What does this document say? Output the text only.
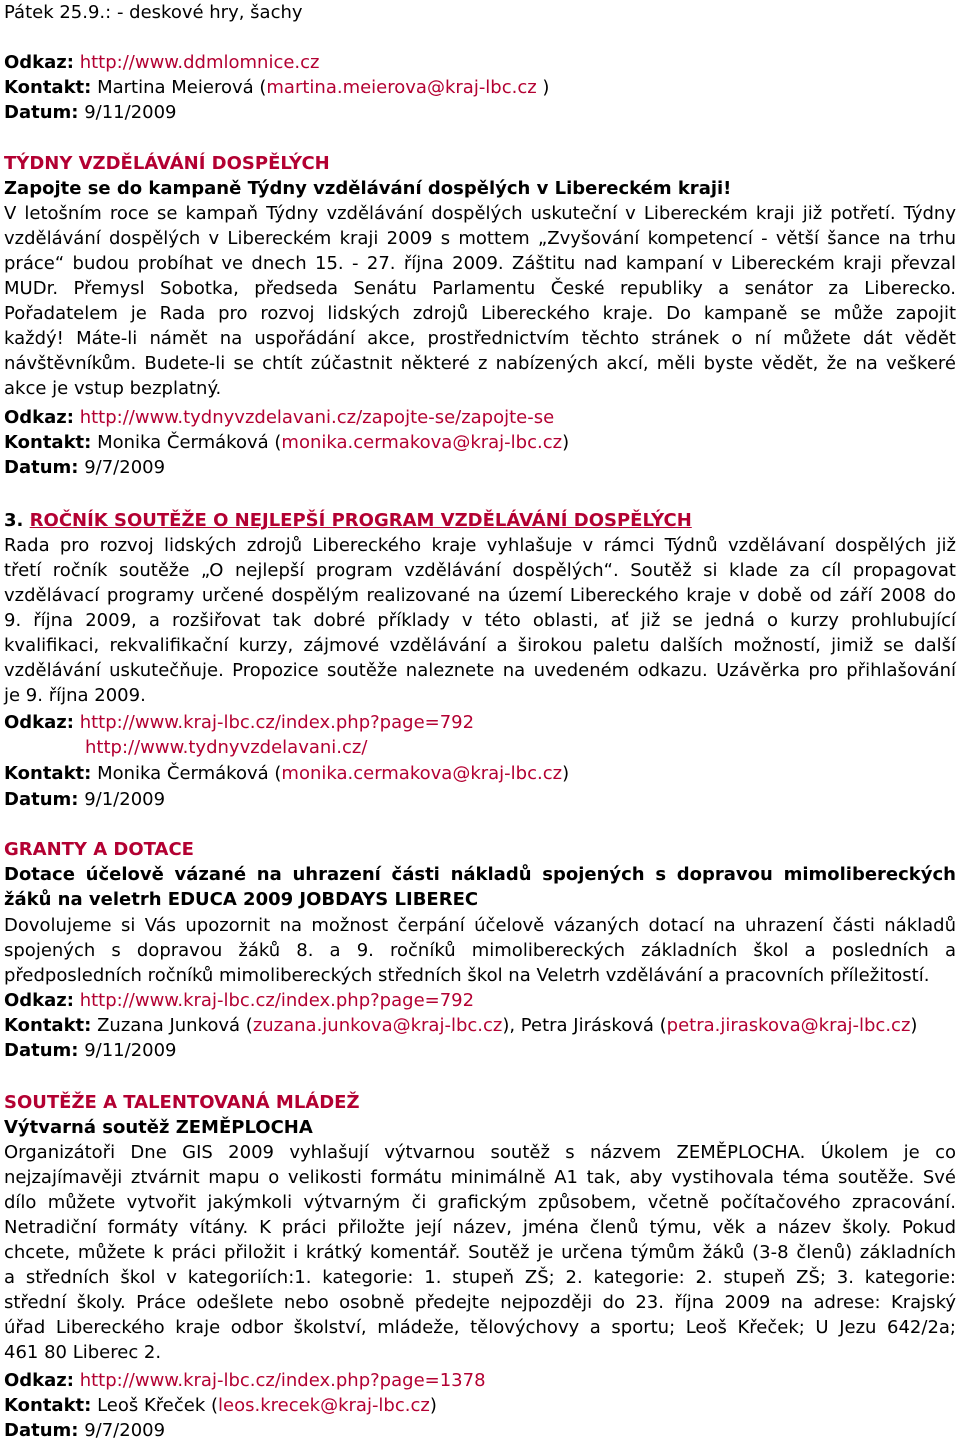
Pátek 25.9.: - deskové hry, šachy
Odkaz: http://www.ddmlomnice.cz
Kontakt: Martina Meierová (martina.meierova@kraj-lbc.cz )
Datum: 9/11/2009
TÝDNY VZDĚLÁVÁNÍ DOSPĚLÝCH
Zapojte se do kampaně Týdny vzdělávání dospělých v Libereckém kraji!
V letošním roce se kampaň Týdny vzdělávání dospělých uskuteční v Libereckém kraji již potřetí. Týdny
vzdělávání dospělých v Libereckém kraji 2009 s mottem „Zvyšování kompetencí - větší šance na trhu
práce“ budou probíhat ve dnech 15. - 27. října 2009. Záštitu nad kampaní v Libereckém kraji převzal
MUDr. Přemysl Sobotka, předseda Senátu Parlamentu České republiky a senátor za Liberecko.
Pořadatelem je Rada pro rozvoj lidských zdrojů Libereckého kraje. Do kampaně se může zapojit
každý! Máte-li námět na uspořádání akce, prostřednictvím těchto stránek o ní můžete dát vědět
návštěvníkům. Budete-li se chtít zúčastnit některé z nabízených akcí, měli byste vědět, že na veškeré
akce je vstup bezplatný.
Odkaz: http://www.tydnyvzdelavani.cz/zapojte-se/zapojte-se
Kontakt: Monika Čermáková (monika.cermakova@kraj-lbc.cz)
Datum: 9/7/2009
3. ROČNÍK SOUTĚŽE O NEJLEPŠÍ PROGRAM VZDĚLÁVÁNÍ DOSPĚLÝCH
Rada pro rozvoj lidských zdrojů Libereckého kraje vyhlašuje v rámci Týdnů vzdělávaní dospělých již
třetí ročník soutěže „O nejlepší program vzdělávání dospělých“. Soutěž si klade za cíl propagovat
vzdělávací programy určené dospělým realizované na území Libereckého kraje v době od září 2008 do
9. října 2009, a rozšiřovat tak dobré příklady v této oblasti, ať již se jedná o kurzy prohlubující
kvalifikaci, rekvalifikační kurzy, zájmové vzdělávání a širokou paletu dalších možností, jimiž se další
vzdělávání uskutečňuje. Propozice soutěže naleznete na uvedeném odkazu. Uzávěrka pro přihlašování
je 9. října 2009.
Odkaz: http://www.kraj-lbc.cz/index.php?page=792
http://www.tydnyvzdelavani.cz/
Kontakt: Monika Čermáková (monika.cermakova@kraj-lbc.cz)
Datum: 9/1/2009
GRANTY A DOTACE
Dotace účelově vázané na uhrazení části nákladů spojených s dopravou mimolibereckých
žáků na veletrh EDUCA 2009 JOBDAYS LIBEREC
Dovolujeme si Vás upozornit na možnost čerpání účelově vázaných dotací na uhrazení části nákladů
spojených s dopravou žáků 8. a 9. ročníků mimolibereckých základních škol a posledních a
předposledních ročníků mimolibereckých středních škol na Veletrh vzdělávání a pracovních příležitostí.
Odkaz: http://www.kraj-lbc.cz/index.php?page=792
Kontakt: Zuzana Junková (zuzana.junkova@kraj-lbc.cz), Petra Jirásková (petra.jiraskova@kraj-lbc.cz)
Datum: 9/11/2009
SOUTĚŽE A TALENTOVANÁ MLÁDEŽ
Výtvarná soutěž ZEMĚPLOCHA
Organizátoři Dne GIS 2009 vyhlašují výtvarnou soutěž s názvem ZEMĚPLOCHA. Úkolem je co
nejzajímavěji ztvárnit mapu o velikosti formátu minimálně A1 tak, aby vystihovala téma soutěže. Své
dílo můžete vytvořit jakýmkoli výtvarným či grafickým způsobem, včetně počítačového zpracování.
Netradiční formáty vítány. K práci přiložte její název, jména členů týmu, věk a název školy. Pokud
chcete, můžete k práci přiložit i krátký komentář. Soutěž je určena týmům žáků (3-8 členů) základních
a středních škol v kategoriích:1. kategorie: 1. stupeň ZŠ; 2. kategorie: 2. stupeň ZŠ; 3. kategorie:
střední školy. Práce odešlete nebo osobně předejte nejpozději do 23. října 2009 na adrese: Krajský
úřad Libereckého kraje odbor školství, mládeže, tělovýchovy a sportu; Leoš Křeček; U Jezu 642/2a;
461 80 Liberec 2.
Odkaz: http://www.kraj-lbc.cz/index.php?page=1378
Kontakt: Leoš Křeček (leos.krecek@kraj-lbc.cz)
Datum: 9/7/2009
